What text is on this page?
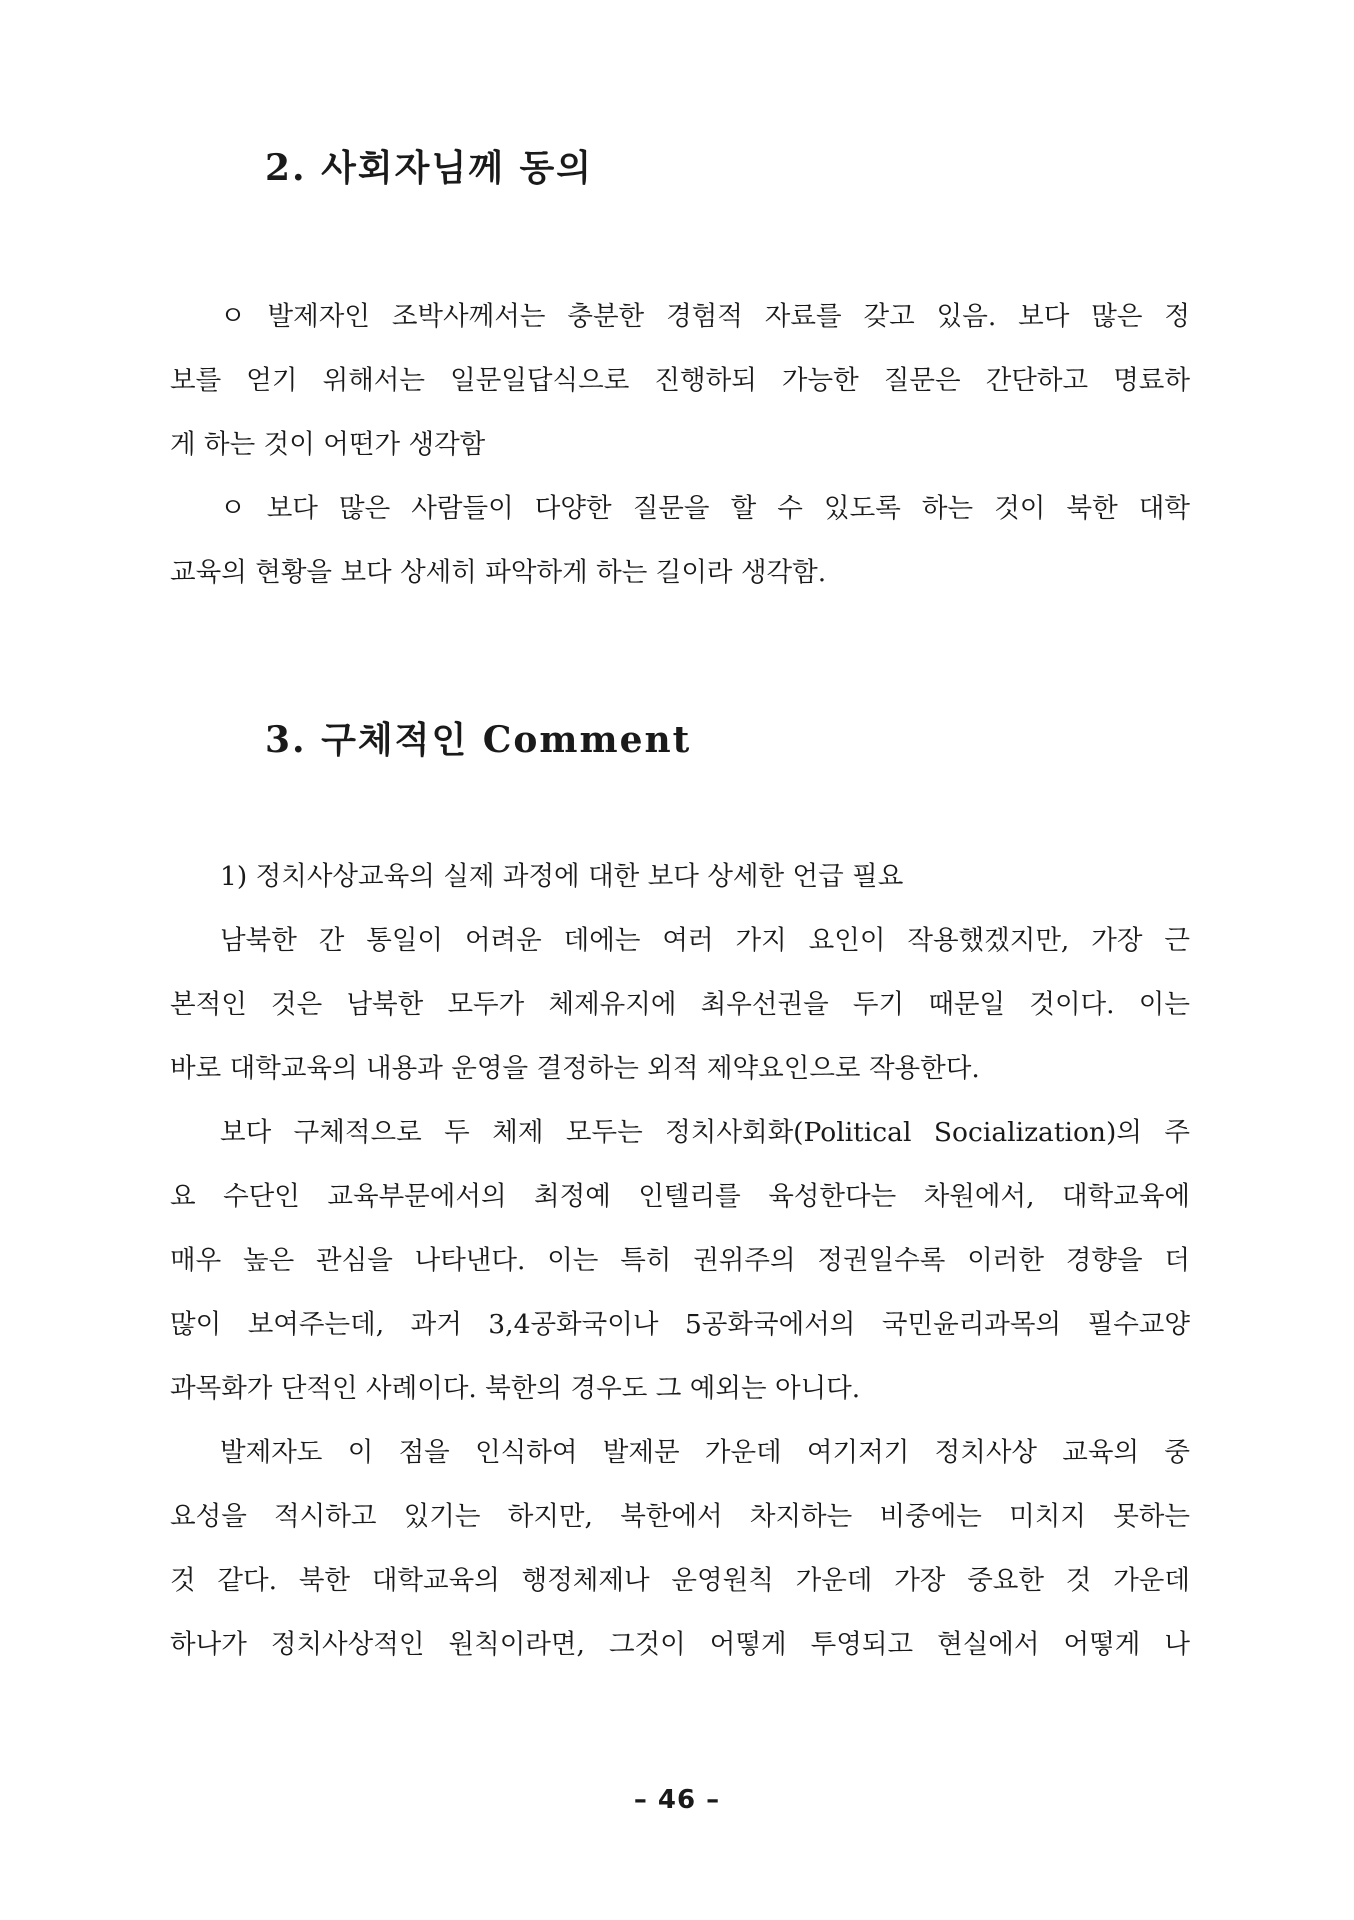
2. 사회자님께 동의
ㅇ 발제자인 조박사께서는 충분한 경험적 자료를 갖고 있음. 보다 많은 정
보를 얻기 위해서는 일문일답식으로 진행하되 가능한 질문은 간단하고 명료하
게 하는 것이 어떤가 생각함
ㅇ 보다 많은 사람들이 다양한 질문을 할 수 있도록 하는 것이 북한 대학
교육의 현황을 보다 상세히 파악하게 하는 길이라 생각함.
3. 구체적인 Comment
1) 정치사상교육의 실제 과정에 대한 보다 상세한 언급 필요
남북한 간 통일이 어려운 데에는 여러 가지 요인이 작용했겠지만, 가장 근
본적인 것은 남북한 모두가 체제유지에 최우선권을 두기 때문일 것이다. 이는
바로 대학교육의 내용과 운영을 결정하는 외적 제약요인으로 작용한다.
보다 구체적으로 두 체제 모두는 정치사회화(Political Socialization)의 주
요 수단인 교육부문에서의 최정예 인텔리를 육성한다는 차원에서, 대학교육에
매우 높은 관심을 나타낸다. 이는 특히 권위주의 정권일수록 이러한 경향을 더
많이 보여주는데, 과거 3,4공화국이나 5공화국에서의 국민윤리과목의 필수교양
과목화가 단적인 사례이다. 북한의 경우도 그 예외는 아니다.
발제자도 이 점을 인식하여 발제문 가운데 여기저기 정치사상 교육의 중
요성을 적시하고 있기는 하지만, 북한에서 차지하는 비중에는 미치지 못하는
것 같다. 북한 대학교육의 행정체제나 운영원칙 가운데 가장 중요한 것 가운데
하나가 정치사상적인 원칙이라면, 그것이 어떻게 투영되고 현실에서 어떻게 나
– 46 –
